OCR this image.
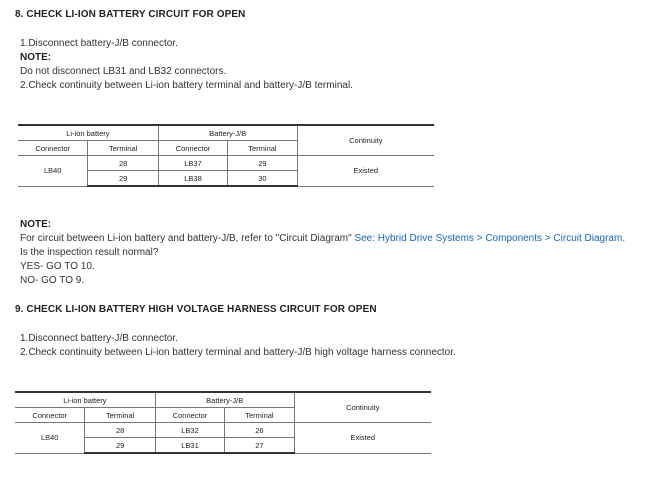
8. CHECK LI-ION BATTERY CIRCUIT FOR OPEN

1.Disconnect battery-J/B connector.

NOTE:

Do not disconnect LB31 and LB32 connectors.

2.Check continuity between Li-ion battery terminal and battery-J/B terminal.

Li-ion battery		Battery-J/B		Continuity
Connector	Terminal	Connector	Terminal	
LB40	28	LB37	29	Existed
	29	LB38	30	

NOTE:

For circuit between Li-ion battery and battery-J/B, refer to "Circuit Diagram" See: Hybrid Drive Systems > Components > Circuit Diagram.

Is the inspection result normal?

YES- GO TO 10.

NO- GO TO 9.

9. CHECK LI-ION BATTERY HIGH VOLTAGE HARNESS CIRCUIT FOR OPEN

1.Disconnect battery-J/B connector.

2.Check continuity between Li-ion battery terminal and battery-J/B high voltage harness connector.

Li-ion battery		Battery-J/B		Continuity
Connector	Terminal	Connector	Terminal	
LB40	28	LB32	26	Existed
	29	LB31	27	
